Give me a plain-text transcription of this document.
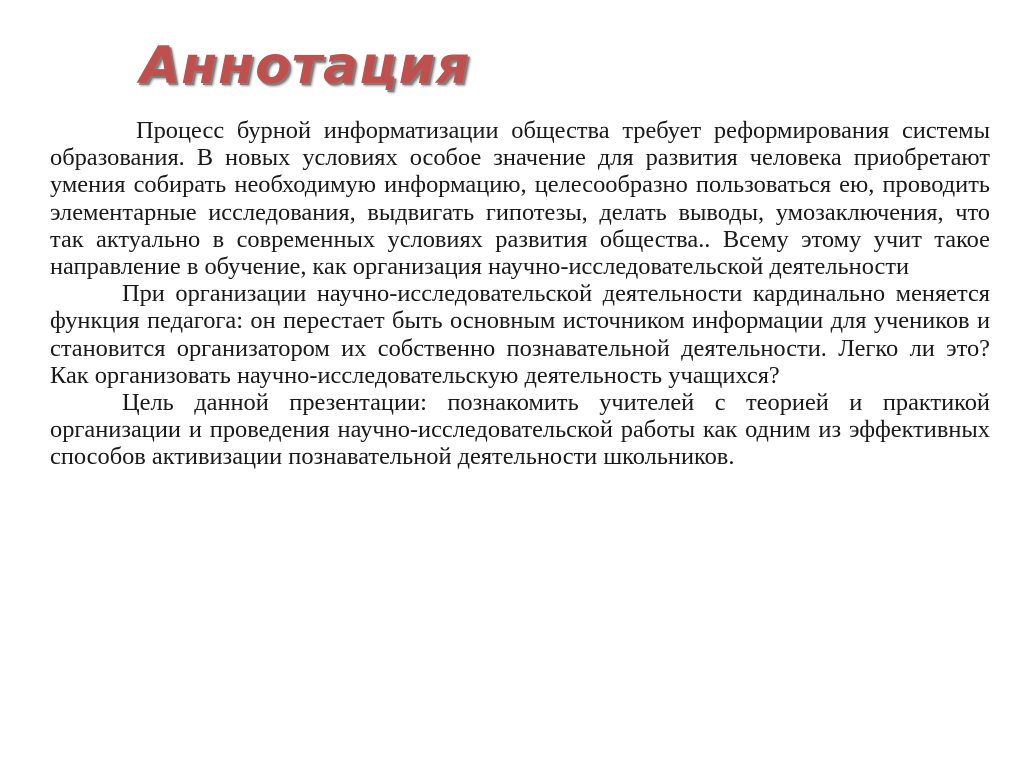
Аннотация

Процесс бурной информатизации общества требует реформирования системы образования. В новых условиях особое значение для развития человека приобретают умения собирать необходимую информацию, целесообразно пользоваться ею, проводить элементарные исследования, выдвигать гипотезы, делать выводы, умозаключения, что так актуально в современных условиях развития общества.. Всему этому учит такое направление в обучение, как организация научно-исследовательской деятельности

При организации научно-исследовательской деятельности кардинально меняется функция педагога: он перестает быть основным источником информации для учеников и становится организатором их собственно познавательной деятельности. Легко ли это? Как организовать научно-исследовательскую деятельность учащихся?

Цель данной презентации: познакомить учителей с теорией и практикой организации и проведения научно-исследовательской работы как одним из эффективных способов активизации познавательной деятельности школьников.
